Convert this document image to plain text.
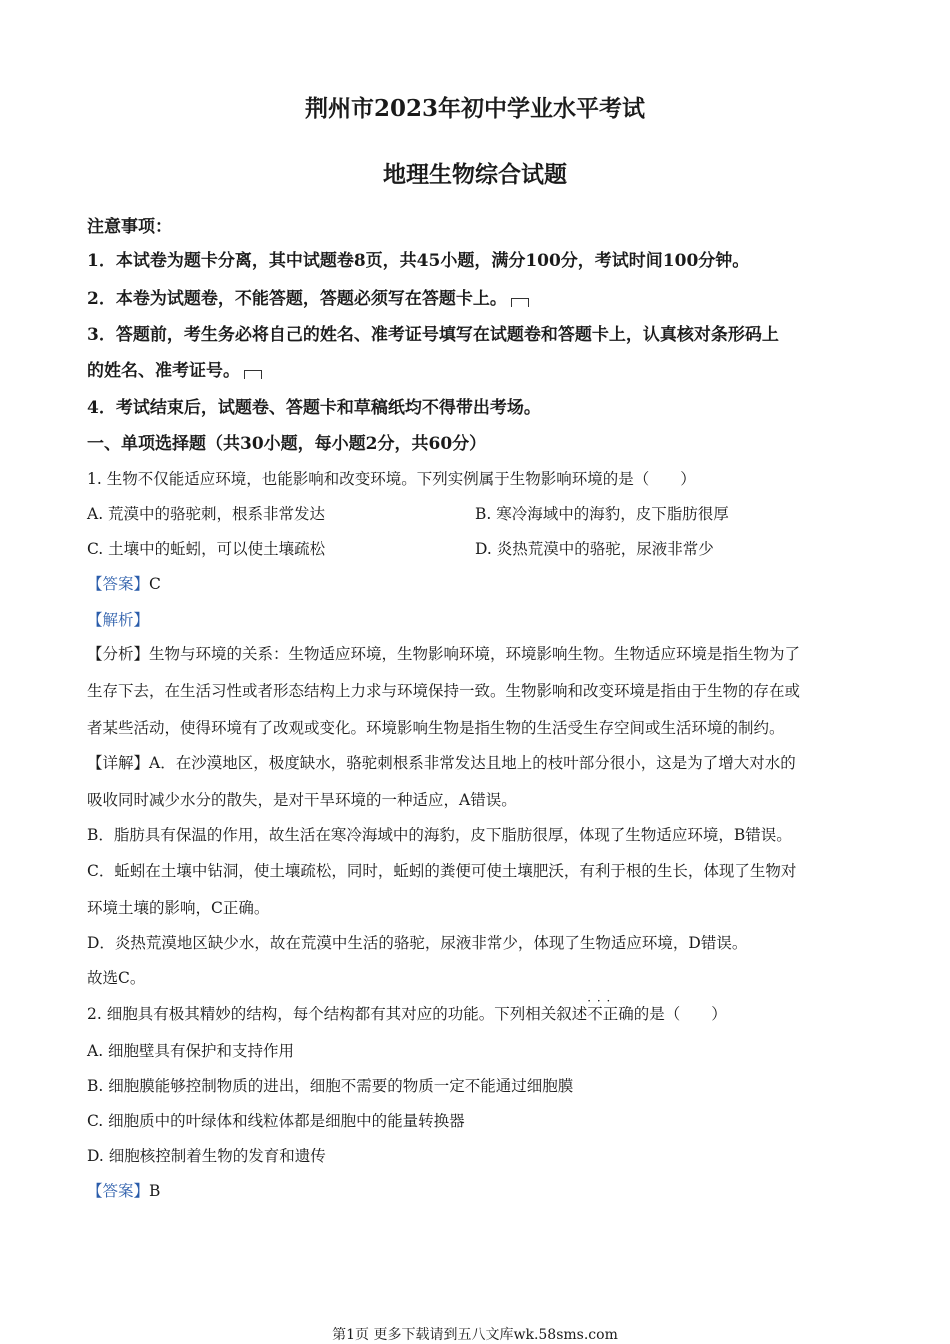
荆州市2023年初中学业水平考试
地理生物综合试题
注意事项：
1．本试卷为题卡分离，其中试题卷8页，共45小题，满分100分，考试时间100分钟。
2．本卷为试题卷，不能答题，答题必须写在答题卡上。
3．答题前，考生务必将自己的姓名、准考证号填写在试题卷和答题卡上，认真核对条形码上
的姓名、准考证号。
4．考试结束后，试题卷、答题卡和草稿纸均不得带出考场。
一、单项选择题（共30小题，每小题2分，共60分）
1. 生物不仅能适应环境，也能影响和改变环境。下列实例属于生物影响环境的是（　　）
A. 荒漠中的骆驼刺，根系非常发达	B. 寒冷海域中的海豹，皮下脂肪很厚
C. 土壤中的蚯蚓，可以使土壤疏松	D. 炎热荒漠中的骆驼，尿液非常少
【答案】C
【解析】
【分析】生物与环境的关系：生物适应环境，生物影响环境，环境影响生物。生物适应环境是指生物为了
生存下去，在生活习性或者形态结构上力求与环境保持一致。生物影响和改变环境是指由于生物的存在或
者某些活动，使得环境有了改观或变化。环境影响生物是指生物的生活受生存空间或生活环境的制约。
【详解】A．在沙漠地区，极度缺水，骆驼刺根系非常发达且地上的枝叶部分很小，这是为了增大对水的
吸收同时减少水分的散失，是对干旱环境的一种适应，A错误。
B．脂肪具有保温的作用，故生活在寒冷海域中的海豹，皮下脂肪很厚，体现了生物适应环境，B错误。
C．蚯蚓在土壤中钻洞，使土壤疏松，同时，蚯蚓的粪便可使土壤肥沃，有利于根的生长，体现了生物对
环境土壤的影响，C正确。
D．炎热荒漠地区缺少水，故在荒漠中生活的骆驼，尿液非常少，体现了生物适应环境，D错误。
故选C。
2. 细胞具有极其精妙的结构，每个结构都有其对应的功能。下列相关叙述· · · 不正确的是（　　）
A. 细胞壁具有保护和支持作用
B. 细胞膜能够控制物质的进出，细胞不需要的物质一定不能通过细胞膜
C. 细胞质中的叶绿体和线粒体都是细胞中的能量转换器
D. 细胞核控制着生物的发育和遗传
【答案】B
第1页 更多下载请到五八文库wk.58sms.com
